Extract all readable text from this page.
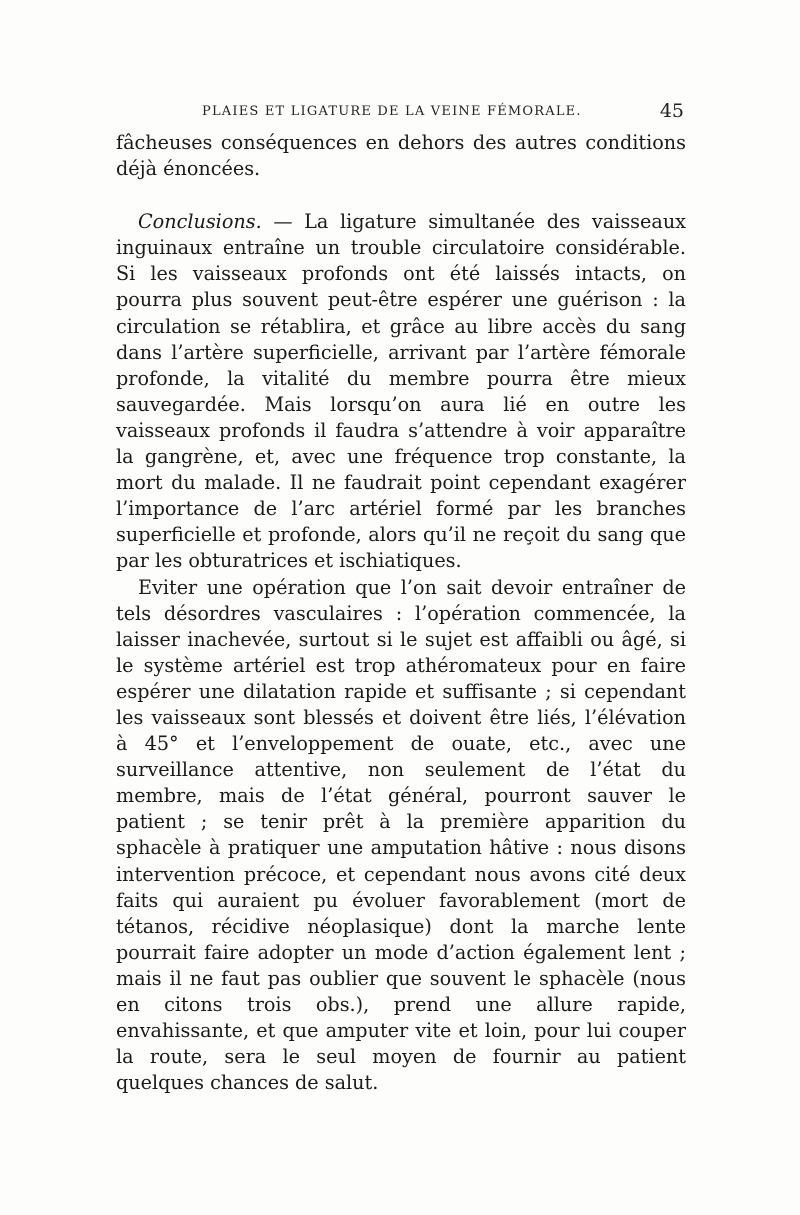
PLAIES ET LIGATURE DE LA VEINE FÉMORALE.	45

fâcheuses conséquences en dehors des autres conditions déjà énoncées.

Conclusions. — La ligature simultanée des vaisseaux inguinaux entraîne un trouble circulatoire considérable. Si les vaisseaux profonds ont été laissés intacts, on pourra plus souvent peut-être espérer une guérison : la circulation se rétablira, et grâce au libre accès du sang dans l’artère superficielle, arrivant par l’artère fémorale profonde, la vitalité du membre pourra être mieux sauvegardée. Mais lorsqu’on aura lié en outre les vaisseaux profonds il faudra s’attendre à voir apparaître la gangrène, et, avec une fréquence trop constante, la mort du malade. Il ne faudrait point cependant exagérer l’importance de l’arc artériel formé par les branches superficielle et profonde, alors qu’il ne reçoit du sang que par les obturatrices et ischiatiques.

Eviter une opération que l’on sait devoir entraîner de tels désordres vasculaires : l’opération commencée, la laisser inachevée, surtout si le sujet est affaibli ou âgé, si le système artériel est trop athéromateux pour en faire espérer une dilatation rapide et suffisante ; si cependant les vaisseaux sont blessés et doivent être liés, l’élévation à 45° et l’enveloppement de ouate, etc., avec une surveillance attentive, non seulement de l’état du membre, mais de l’état général, pourront sauver le patient ; se tenir prêt à la première apparition du sphacèle à pratiquer une amputation hâtive : nous disons intervention précoce, et cependant nous avons cité deux faits qui auraient pu évoluer favorablement (mort de tétanos, récidive néoplasique) dont la marche lente pourrait faire adopter un mode d’action également lent ; mais il ne faut pas oublier que souvent le sphacèle (nous en citons trois obs.), prend une allure rapide, envahissante, et que amputer vite et loin, pour lui couper la route, sera le seul moyen de fournir au patient quelques chances de salut.
